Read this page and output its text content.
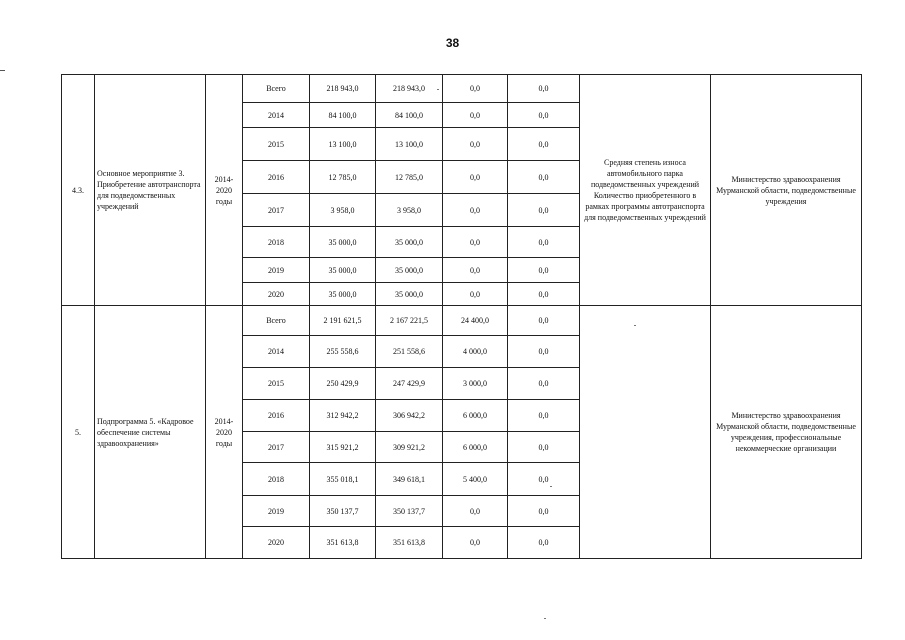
38
4.3.	Основное мероприятие 3. Приобретение автотранспорта для подведомственных учреждений	2014-2020 годы	Всего	218 943,0	218 943,0	0,0	0,0	Средняя степень износа автомобильного парка подведомственных учреждений Количество приобретенного в рамках программы автотранспорта для подведомственных учреждений	Министерство здравоохранения Мурманской области, подведомственные учреждения
			2014	84 100,0	84 100,0	0,0	0,0		
			2015	13 100,0	13 100,0	0,0	0,0		
			2016	12 785,0	12 785,0	0,0	0,0		
			2017	3 958,0	3 958,0	0,0	0,0		
			2018	35 000,0	35 000,0	0,0	0,0		
			2019	35 000,0	35 000,0	0,0	0,0		
			2020	35 000,0	35 000,0	0,0	0,0		
5.	Подпрограмма 5. «Кадровое обеспечение системы здравоохранения»	2014-2020 годы	Всего	2 191 621,5	2 167 221,5	24 400,0	0,0		Министерство здравоохранения Мурманской области, подведомственные учреждения, профессиональные некоммерческие организации
			2014	255 558,6	251 558,6	4 000,0	0,0		
			2015	250 429,9	247 429,9	3 000,0	0,0		
			2016	312 942,2	306 942,2	6 000,0	0,0		
			2017	315 921,2	309 921,2	6 000,0	0,0		
			2018	355 018,1	349 618,1	5 400,0	0,0		
			2019	350 137,7	350 137,7	0,0	0,0		
			2020	351 613,8	351 613,8	0,0	0,0		
